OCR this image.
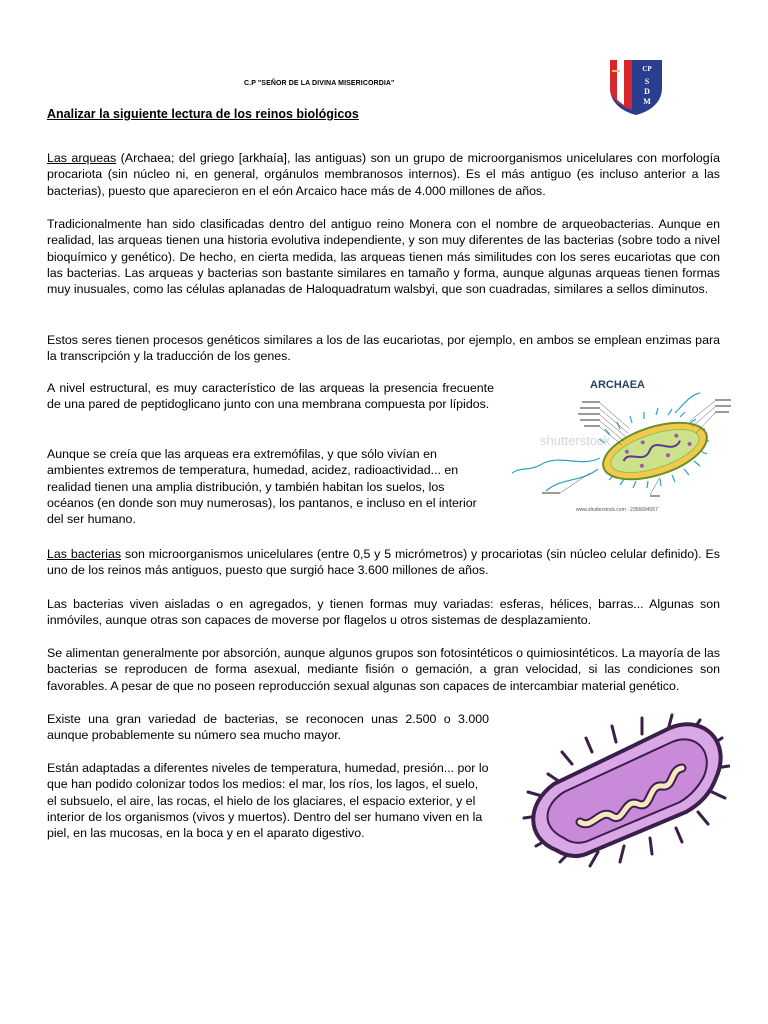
C.P "SEÑOR DE LA DIVINA MISERICORDIA"
CP
S
D
M
Analizar la siguiente lectura de los reinos biológicos

Las arqueas (Archaea; del griego [arkhaía], las antiguas) son un grupo de microorganismos unicelulares con morfología procariota (sin núcleo ni, en general, orgánulos membranosos internos). Es el más antiguo (es incluso anterior a las bacterias), puesto que aparecieron en el eón Arcaico hace más de 4.000 millones de años.

Tradicionalmente han sido clasificadas dentro del antiguo reino Monera con el nombre de arqueobacterias. Aunque en realidad, las arqueas tienen una historia evolutiva independiente, y son muy diferentes de las bacterias (sobre todo a nivel bioquímico y genético). De hecho, en cierta medida, las arqueas tienen más similitudes con los seres eucariotas que con las bacterias. Las arqueas y bacterias son bastante similares en tamaño y forma, aunque algunas arqueas tienen formas muy inusuales, como las células aplanadas de Haloquadratum walsbyi, que son cuadradas, similares a sellos diminutos.

Estos seres tienen procesos genéticos similares a los de las eucariotas, por ejemplo, en ambos se emplean enzimas para la transcripción y la traducción de los genes.

A nivel estructural, es muy característico de las arqueas la presencia frecuente de una pared de peptidoglicano junto con una membrana compuesta por lípidos.

Aunque se creía que las arqueas era extremófilas, y que sólo vivían en ambientes extremos de temperatura, humedad, acidez, radioactividad... en realidad tienen una amplia distribución, y también habitan los suelos, los océanos (en donde son muy numerosas), los pantanos, e incluso en el interior del ser humano.

ARCHAEA
shutterstock
www.shutterstock.com · 2356684057

Las bacterias son microorganismos unicelulares (entre 0,5 y 5 micrómetros) y procariotas (sin núcleo celular definido). Es uno de los reinos más antiguos, puesto que surgió hace 3.600 millones de años.

Las bacterias viven aisladas o en agregados, y tienen formas muy variadas: esferas, hélices, barras... Algunas son inmóviles, aunque otras son capaces de moverse por flagelos u otros sistemas de desplazamiento.

Se alimentan generalmente por absorción, aunque algunos grupos son fotosintéticos o quimiosintéticos. La mayoría de las bacterias se reproducen de forma asexual, mediante fisión o gemación, a gran velocidad, si las condiciones son favorables. A pesar de que no poseen reproducción sexual algunas son capaces de intercambiar material genético.

Existe una gran variedad de bacterias, se reconocen unas 2.500 o 3.000 aunque probablemente su número sea mucho mayor.

Están adaptadas a diferentes niveles de temperatura, humedad, presión... por lo que han podido colonizar todos los medios: el mar, los ríos, los lagos, el suelo, el subsuelo, el aire, las rocas, el hielo de los glaciares, el espacio exterior, y el interior de los organismos (vivos y muertos). Dentro del ser humano viven en la piel, en las mucosas, en la boca y en el aparato digestivo.
